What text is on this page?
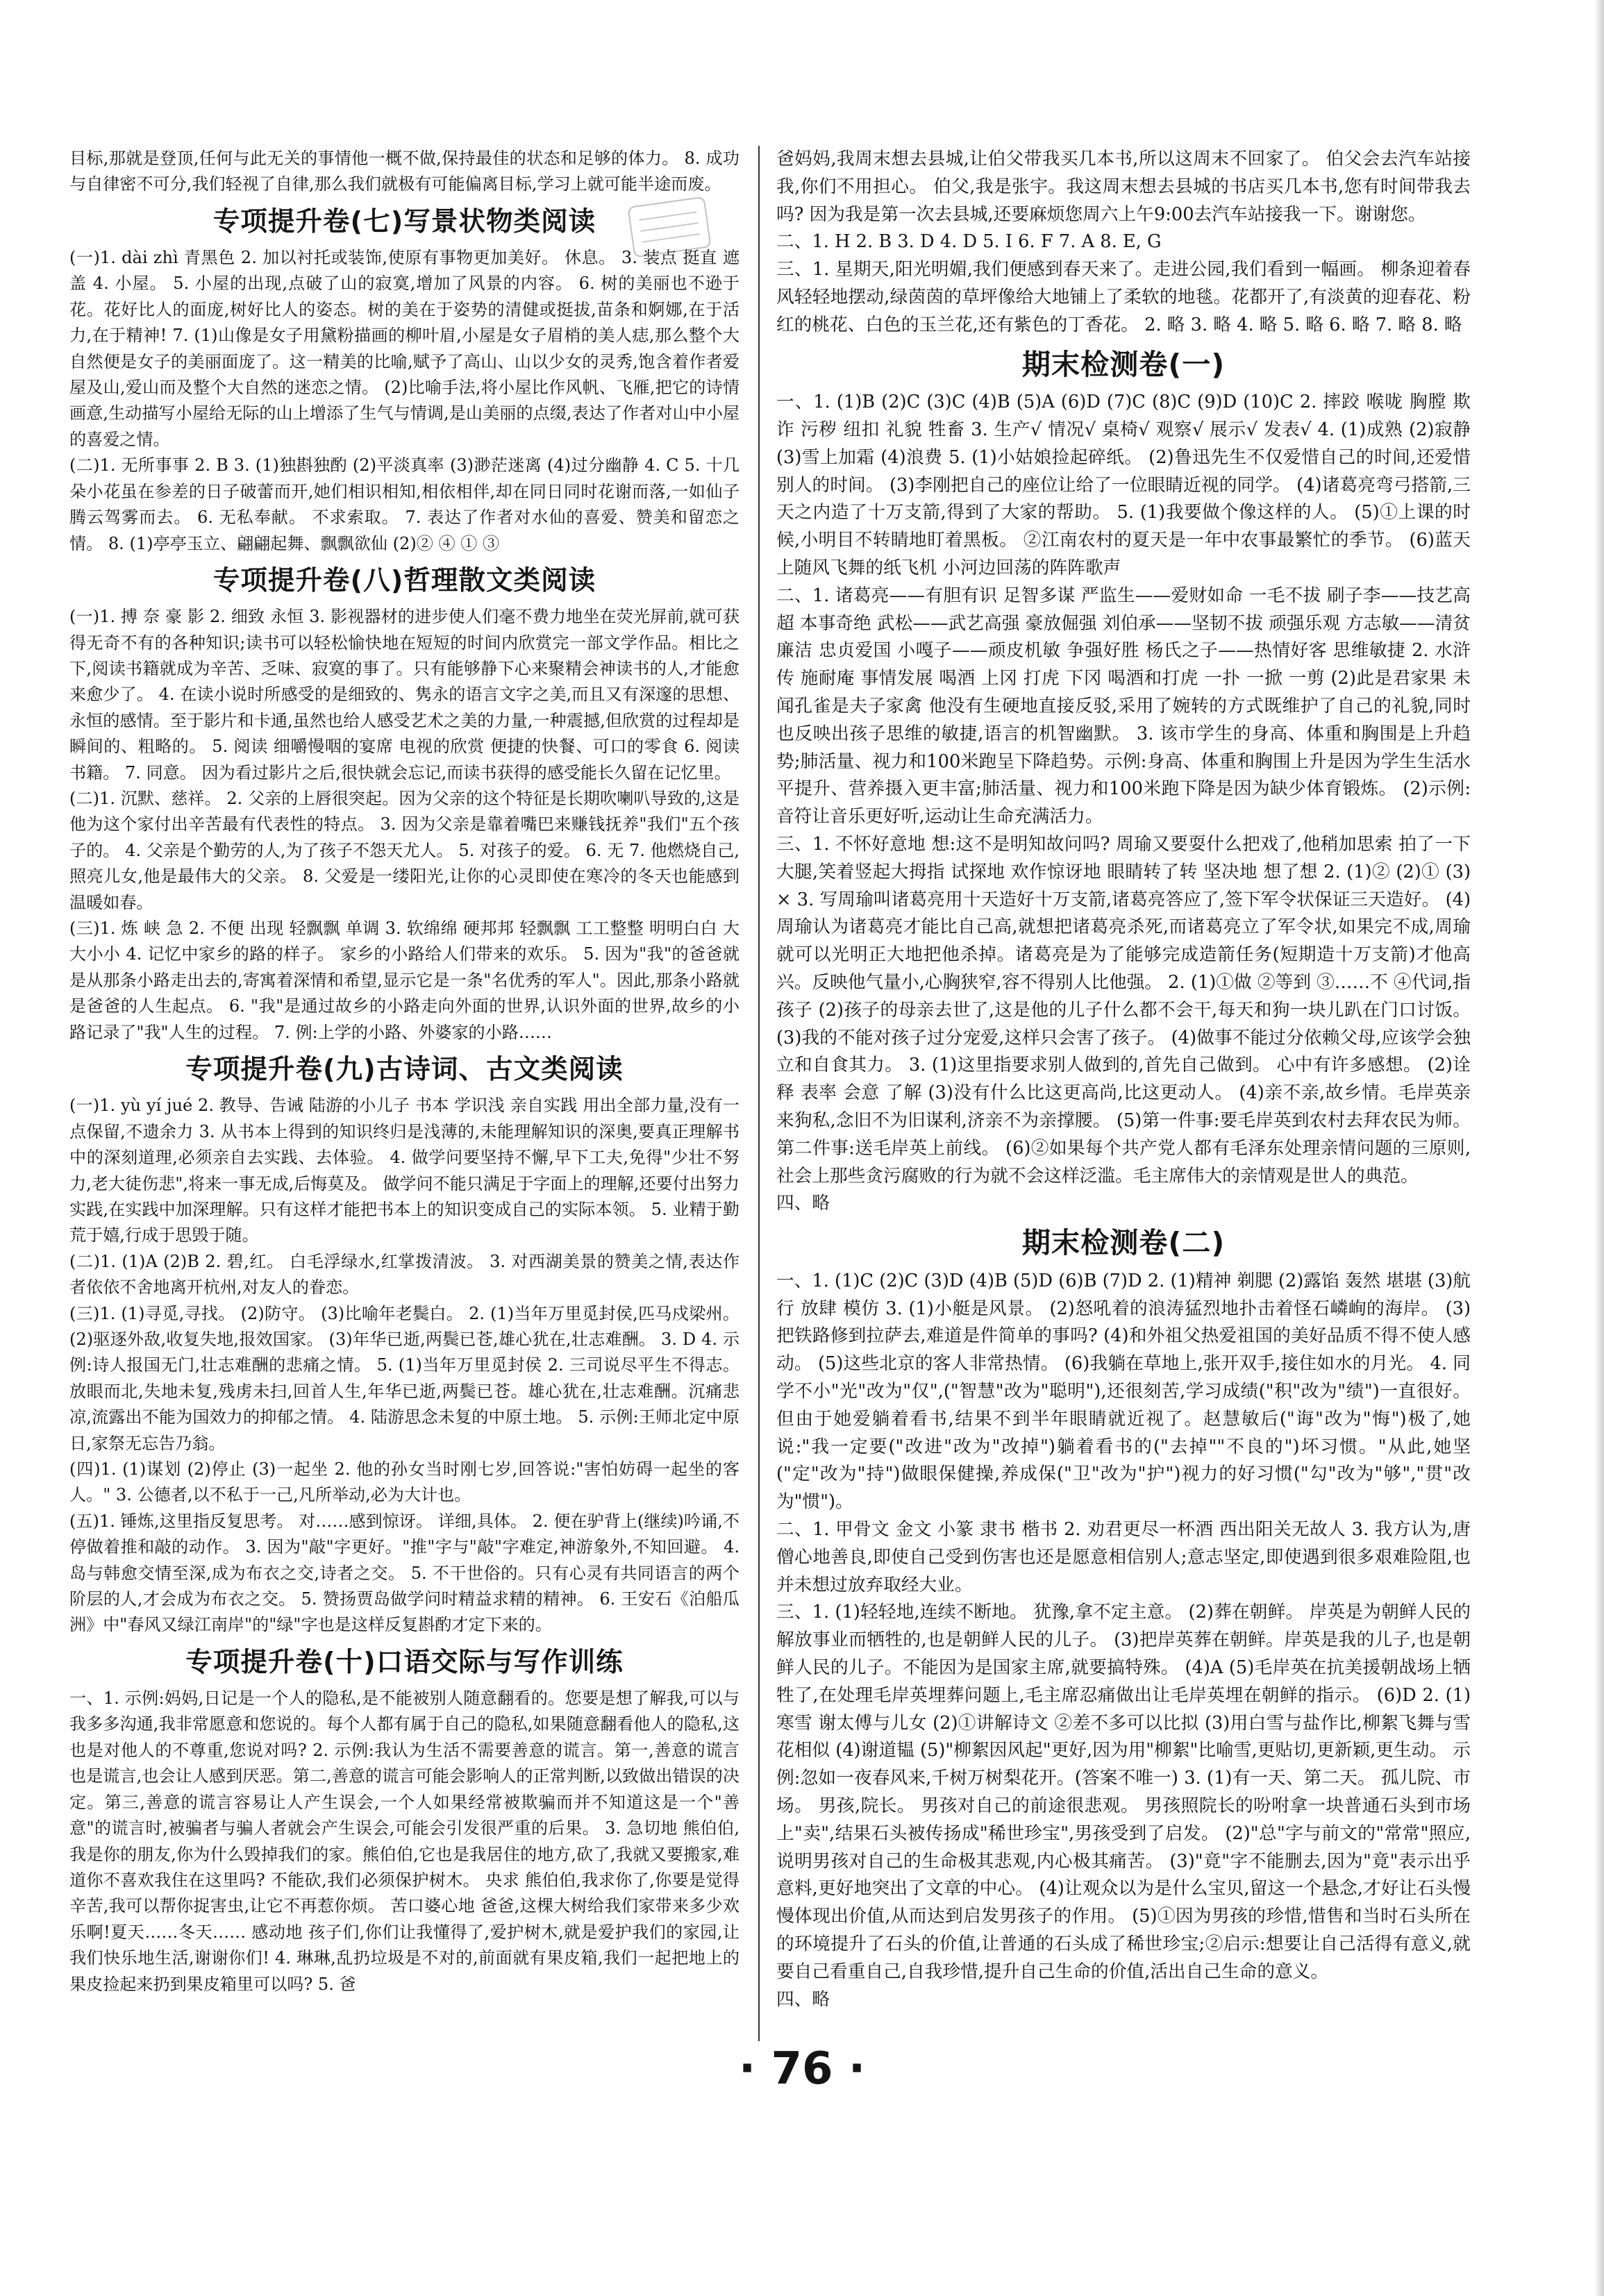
目标,那就是登顶,任何与此无关的事情他一概不做,保持最佳的状态和足够的体力。 8. 成功与自律密不可分,我们轻视了自律,那么我们就极有可能偏离目标,学习上就可能半途而废。

专项提升卷(七)写景状物类阅读

(一)1. dài zhì 青黑色 2. 加以衬托或装饰,使原有事物更加美好。 休息。 3. 装点 挺直 遮盖 4. 小屋。 5. 小屋的出现,点破了山的寂寞,增加了风景的内容。 6. 树的美丽也不逊于花。花好比人的面庞,树好比人的姿态。树的美在于姿势的清健或挺拔,苗条和婀娜,在于活力,在于精神! 7. (1)山像是女子用黛粉描画的柳叶眉,小屋是女子眉梢的美人痣,那么整个大自然便是女子的美丽面庞了。这一精美的比喻,赋予了高山、山以少女的灵秀,饱含着作者爱屋及山,爱山而及整个大自然的迷恋之情。 (2)比喻手法,将小屋比作风帆、飞雁,把它的诗情画意,生动描写小屋给无际的山上增添了生气与情调,是山美丽的点缀,表达了作者对山中小屋的喜爱之情。

(二)1. 无所事事 2. B 3. (1)独斟独酌 (2)平淡真率 (3)渺茫迷离 (4)过分幽静 4. C 5. 十几朵小花虽在参差的日子破蕾而开,她们相识相知,相依相伴,却在同日同时花谢而落,一如仙子腾云驾雾而去。 6. 无私奉献。 不求索取。 7. 表达了作者对水仙的喜爱、赞美和留恋之情。 8. (1)亭亭玉立、翩翩起舞、飘飘欲仙 (2)② ④ ① ③

专项提升卷(八)哲理散文类阅读

(一)1. 搏 奈 豪 影 2. 细致 永恒 3. 影视器材的进步使人们毫不费力地坐在荧光屏前,就可获得无奇不有的各种知识;读书可以轻松愉快地在短短的时间内欣赏完一部文学作品。相比之下,阅读书籍就成为辛苦、乏味、寂寞的事了。只有能够静下心来聚精会神读书的人,才能愈来愈少了。 4. 在读小说时所感受的是细致的、隽永的语言文字之美,而且又有深邃的思想、永恒的感情。至于影片和卡通,虽然也给人感受艺术之美的力量,一种震撼,但欣赏的过程却是瞬间的、粗略的。 5. 阅读 细嚼慢咽的宴席 电视的欣赏 便捷的快餐、可口的零食 6. 阅读书籍。 7. 同意。 因为看过影片之后,很快就会忘记,而读书获得的感受能长久留在记忆里。

(二)1. 沉默、慈祥。 2. 父亲的上唇很突起。因为父亲的这个特征是长期吹喇叭导致的,这是他为这个家付出辛苦最有代表性的特点。 3. 因为父亲是靠着嘴巴来赚钱抚养"我们"五个孩子的。 4. 父亲是个勤劳的人,为了孩子不怨天尤人。 5. 对孩子的爱。 6. 无 7. 他燃烧自己,照亮儿女,他是最伟大的父亲。 8. 父爱是一缕阳光,让你的心灵即使在寒冷的冬天也能感到温暖如春。

(三)1. 炼 峡 急 2. 不便 出现 轻飘飘 单调 3. 软绵绵 硬邦邦 轻飘飘 工工整整 明明白白 大大小小 4. 记忆中家乡的路的样子。 家乡的小路给人们带来的欢乐。 5. 因为"我"的爸爸就是从那条小路走出去的,寄寓着深情和希望,显示它是一条"名优秀的军人"。因此,那条小路就是爸爸的人生起点。 6. "我"是通过故乡的小路走向外面的世界,认识外面的世界,故乡的小路记录了"我"人生的过程。 7. 例:上学的小路、外婆家的小路……

专项提升卷(九)古诗词、古文类阅读

(一)1. yù yí jué 2. 教导、告诫 陆游的小儿子 书本 学识浅 亲自实践 用出全部力量,没有一点保留,不遗余力 3. 从书本上得到的知识终归是浅薄的,未能理解知识的深奥,要真正理解书中的深刻道理,必须亲自去实践、去体验。 4. 做学问要坚持不懈,早下工夫,免得"少壮不努力,老大徒伤悲",将来一事无成,后悔莫及。 做学问不能只满足于字面上的理解,还要付出努力实践,在实践中加深理解。只有这样才能把书本上的知识变成自己的实际本领。 5. 业精于勤荒于嬉,行成于思毁于随。

(二)1. (1)A (2)B 2. 碧,红。 白毛浮绿水,红掌拨清波。 3. 对西湖美景的赞美之情,表达作者依依不舍地离开杭州,对友人的眷恋。

(三)1. (1)寻觅,寻找。 (2)防守。 (3)比喻年老鬓白。 2. (1)当年万里觅封侯,匹马戍梁州。 (2)驱逐外敌,收复失地,报效国家。 (3)年华已逝,两鬓已苍,雄心犹在,壮志难酬。 3. D 4. 示例:诗人报国无门,壮志难酬的悲痛之情。 5. (1)当年万里觅封侯 2. 三司说尽平生不得志。 放眼而北,失地未复,残虏未扫,回首人生,年华已逝,两鬓已苍。雄心犹在,壮志难酬。沉痛悲凉,流露出不能为国效力的抑郁之情。 4. 陆游思念未复的中原土地。 5. 示例:王师北定中原日,家祭无忘告乃翁。

(四)1. (1)谋划 (2)停止 (3)一起坐 2. 他的孙女当时刚七岁,回答说:"害怕妨碍一起坐的客人。" 3. 公德者,以不私于一己,凡所举动,必为大计也。

(五)1. 锤炼,这里指反复思考。 对……感到惊讶。 详细,具体。 2. 便在驴背上(继续)吟诵,不停做着推和敲的动作。 3. 因为"敲"字更好。"推"字与"敲"字难定,神游象外,不知回避。 4. 岛与韩愈交情至深,成为布衣之交,诗者之交。 5. 不干世俗的。只有心灵有共同语言的两个阶层的人,才会成为布衣之交。 5. 赞扬贾岛做学问时精益求精的精神。 6. 王安石《泊船瓜洲》中"春风又绿江南岸"的"绿"字也是这样反复斟酌才定下来的。

专项提升卷(十)口语交际与写作训练

一、1. 示例:妈妈,日记是一个人的隐私,是不能被别人随意翻看的。您要是想了解我,可以与我多多沟通,我非常愿意和您说的。每个人都有属于自己的隐私,如果随意翻看他人的隐私,这也是对他人的不尊重,您说对吗? 2. 示例:我认为生活不需要善意的谎言。第一,善意的谎言也是谎言,也会让人感到厌恶。第二,善意的谎言可能会影响人的正常判断,以致做出错误的决定。第三,善意的谎言容易让人产生误会,一个人如果经常被欺骗而并不知道这是一个"善意"的谎言时,被骗者与骗人者就会产生误会,可能会引发很严重的后果。 3. 急切地 熊伯伯,我是你的朋友,你为什么毁掉我们的家。熊伯伯,它也是我居住的地方,砍了,我就又要搬家,难道你不喜欢我住在这里吗? 不能砍,我们必须保护树木。 央求 熊伯伯,我求你了,你要是觉得辛苦,我可以帮你捉害虫,让它不再惹你烦。 苦口婆心地 爸爸,这棵大树给我们家带来多少欢乐啊!夏天……冬天…… 感动地 孩子们,你们让我懂得了,爱护树木,就是爱护我们的家园,让我们快乐地生活,谢谢你们! 4. 琳琳,乱扔垃圾是不对的,前面就有果皮箱,我们一起把地上的果皮捡起来扔到果皮箱里可以吗? 5. 爸

爸妈妈,我周末想去县城,让伯父带我买几本书,所以这周末不回家了。 伯父会去汽车站接我,你们不用担心。 伯父,我是张宇。我这周末想去县城的书店买几本书,您有时间带我去吗? 因为我是第一次去县城,还要麻烦您周六上午9:00去汽车站接我一下。谢谢您。

二、1. H 2. B 3. D 4. D 5. I 6. F 7. A 8. E, G

三、1. 星期天,阳光明媚,我们便感到春天来了。走进公园,我们看到一幅画。 柳条迎着春风轻轻地摆动,绿茵茵的草坪像给大地铺上了柔软的地毯。花都开了,有淡黄的迎春花、粉红的桃花、白色的玉兰花,还有紫色的丁香花。 2. 略 3. 略 4. 略 5. 略 6. 略 7. 略 8. 略

期末检测卷(一)

一、1. (1)B (2)C (3)C (4)B (5)A (6)D (7)C (8)C (9)D (10)C 2. 摔跤 喉咙 胸膛 欺诈 污秽 纽扣 礼貌 牲畜 3. 生产√ 情况√ 桌椅√ 观察√ 展示√ 发表√ 4. (1)成熟 (2)寂静 (3)雪上加霜 (4)浪费 5. (1)小姑娘捡起碎纸。 (2)鲁迅先生不仅爱惜自己的时间,还爱惜别人的时间。 (3)李刚把自己的座位让给了一位眼睛近视的同学。 (4)诸葛亮弯弓搭箭,三天之内造了十万支箭,得到了大家的帮助。 5. (1)我要做个像这样的人。 (5)①上课的时候,小明目不转睛地盯着黑板。 ②江南农村的夏天是一年中农事最繁忙的季节。 (6)蓝天上随风飞舞的纸飞机 小河边回荡的阵阵歌声

二、1. 诸葛亮——有胆有识 足智多谋 严监生——爱财如命 一毛不拔 刷子李——技艺高超 本事奇绝 武松——武艺高强 豪放倔强 刘伯承——坚韧不拔 顽强乐观 方志敏——清贫廉洁 忠贞爱国 小嘎子——顽皮机敏 争强好胜 杨氏之子——热情好客 思维敏捷 2. 水浒传 施耐庵 事情发展 喝酒 上冈 打虎 下冈 喝酒和打虎 一扑 一掀 一剪 (2)此是君家果 未闻孔雀是夫子家禽 他没有生硬地直接反驳,采用了婉转的方式既维护了自己的礼貌,同时也反映出孩子思维的敏捷,语言的机智幽默。 3. 该市学生的身高、体重和胸围是上升趋势;肺活量、视力和100米跑呈下降趋势。示例:身高、体重和胸围上升是因为学生生活水平提升、营养摄入更丰富;肺活量、视力和100米跑下降是因为缺少体育锻炼。 (2)示例:音符让音乐更好听,运动让生命充满活力。

三、1. 不怀好意地 想:这不是明知故问吗? 周瑜又要耍什么把戏了,他稍加思索 拍了一下大腿,笑着竖起大拇指 试探地 欢作惊讶地 眼睛转了转 坚决地 想了想 2. (1)② (2)① (3)× 3. 写周瑜叫诸葛亮用十天造好十万支箭,诸葛亮答应了,签下军令状保证三天造好。 (4)周瑜认为诸葛亮才能比自己高,就想把诸葛亮杀死,而诸葛亮立了军令状,如果完不成,周瑜就可以光明正大地把他杀掉。诸葛亮是为了能够完成造箭任务(短期造十万支箭)才他高兴。反映他气量小,心胸狭窄,容不得别人比他强。 2. (1)①做 ②等到 ③……不 ④代词,指孩子 (2)孩子的母亲去世了,这是他的儿子什么都不会干,每天和狗一块儿趴在门口讨饭。 (3)我的不能对孩子过分宠爱,这样只会害了孩子。 (4)做事不能过分依赖父母,应该学会独立和自食其力。 3. (1)这里指要求别人做到的,首先自己做到。 心中有许多感想。 (2)诠释 表率 会意 了解 (3)没有什么比这更高尚,比这更动人。 (4)亲不亲,故乡情。毛岸英亲来狗私,念旧不为旧谋利,济亲不为亲撑腰。 (5)第一件事:要毛岸英到农村去拜农民为师。 第二件事:送毛岸英上前线。 (6)②如果每个共产党人都有毛泽东处理亲情问题的三原则,社会上那些贪污腐败的行为就不会这样泛滥。毛主席伟大的亲情观是世人的典范。

四、略

期末检测卷(二)

一、1. (1)C (2)C (3)D (4)B (5)D (6)B (7)D 2. (1)精神 剃腮 (2)露馅 轰然 堪堪 (3)航行 放肆 模仿 3. (1)小艇是风景。 (2)怒吼着的浪涛猛烈地扑击着怪石嶙峋的海岸。 (3)把铁路修到拉萨去,难道是件简单的事吗? (4)和外祖父热爱祖国的美好品质不得不使人感动。 (5)这些北京的客人非常热情。 (6)我躺在草地上,张开双手,接住如水的月光。 4. 同学不小"光"改为"仅",("智慧"改为"聪明"),还很刻苦,学习成绩("积"改为"绩")一直很好。但由于她爱躺着看书,结果不到半年眼睛就近视了。赵慧敏后("诲"改为"悔")极了,她说:"我一定要("改进"改为"改掉")躺着看书的("去掉""不良的")坏习惯。"从此,她坚("定"改为"持")做眼保健操,养成保("卫"改为"护")视力的好习惯("勾"改为"够","贯"改为"惯")。

二、1. 甲骨文 金文 小篆 隶书 楷书 2. 劝君更尽一杯酒 西出阳关无故人 3. 我方认为,唐僧心地善良,即使自己受到伤害也还是愿意相信别人;意志坚定,即使遇到很多艰难险阻,也并未想过放弃取经大业。

三、1. (1)轻轻地,连续不断地。 犹豫,拿不定主意。 (2)葬在朝鲜。 岸英是为朝鲜人民的解放事业而牺牲的,也是朝鲜人民的儿子。 (3)把岸英葬在朝鲜。岸英是我的儿子,也是朝鲜人民的儿子。不能因为是国家主席,就要搞特殊。 (4)A (5)毛岸英在抗美援朝战场上牺牲了,在处理毛岸英埋葬问题上,毛主席忍痛做出让毛岸英埋在朝鲜的指示。 (6)D 2. (1)寒雪 谢太傅与儿女 (2)①讲解诗文 ②差不多可以比拟 (3)用白雪与盐作比,柳絮飞舞与雪花相似 (4)谢道韫 (5)"柳絮因风起"更好,因为用"柳絮"比喻雪,更贴切,更新颖,更生动。 示例:忽如一夜春风来,千树万树梨花开。(答案不唯一) 3. (1)有一天、第二天。 孤儿院、市场。 男孩,院长。 男孩对自己的前途很悲观。 男孩照院长的吩咐拿一块普通石头到市场上"卖",结果石头被传扬成"稀世珍宝",男孩受到了启发。 (2)"总"字与前文的"常常"照应,说明男孩对自己的生命极其悲观,内心极其痛苦。 (3)"竟"字不能删去,因为"竟"表示出乎意料,更好地突出了文章的中心。 (4)让观众以为是什么宝贝,留这一个悬念,才好让石头慢慢体现出价值,从而达到启发男孩子的作用。 (5)①因为男孩的珍惜,惜售和当时石头所在的环境提升了石头的价值,让普通的石头成了稀世珍宝;②启示:想要让自己活得有意义,就要自己看重自己,自我珍惜,提升自己生命的价值,活出自己生命的意义。

四、略

· 76 ·
